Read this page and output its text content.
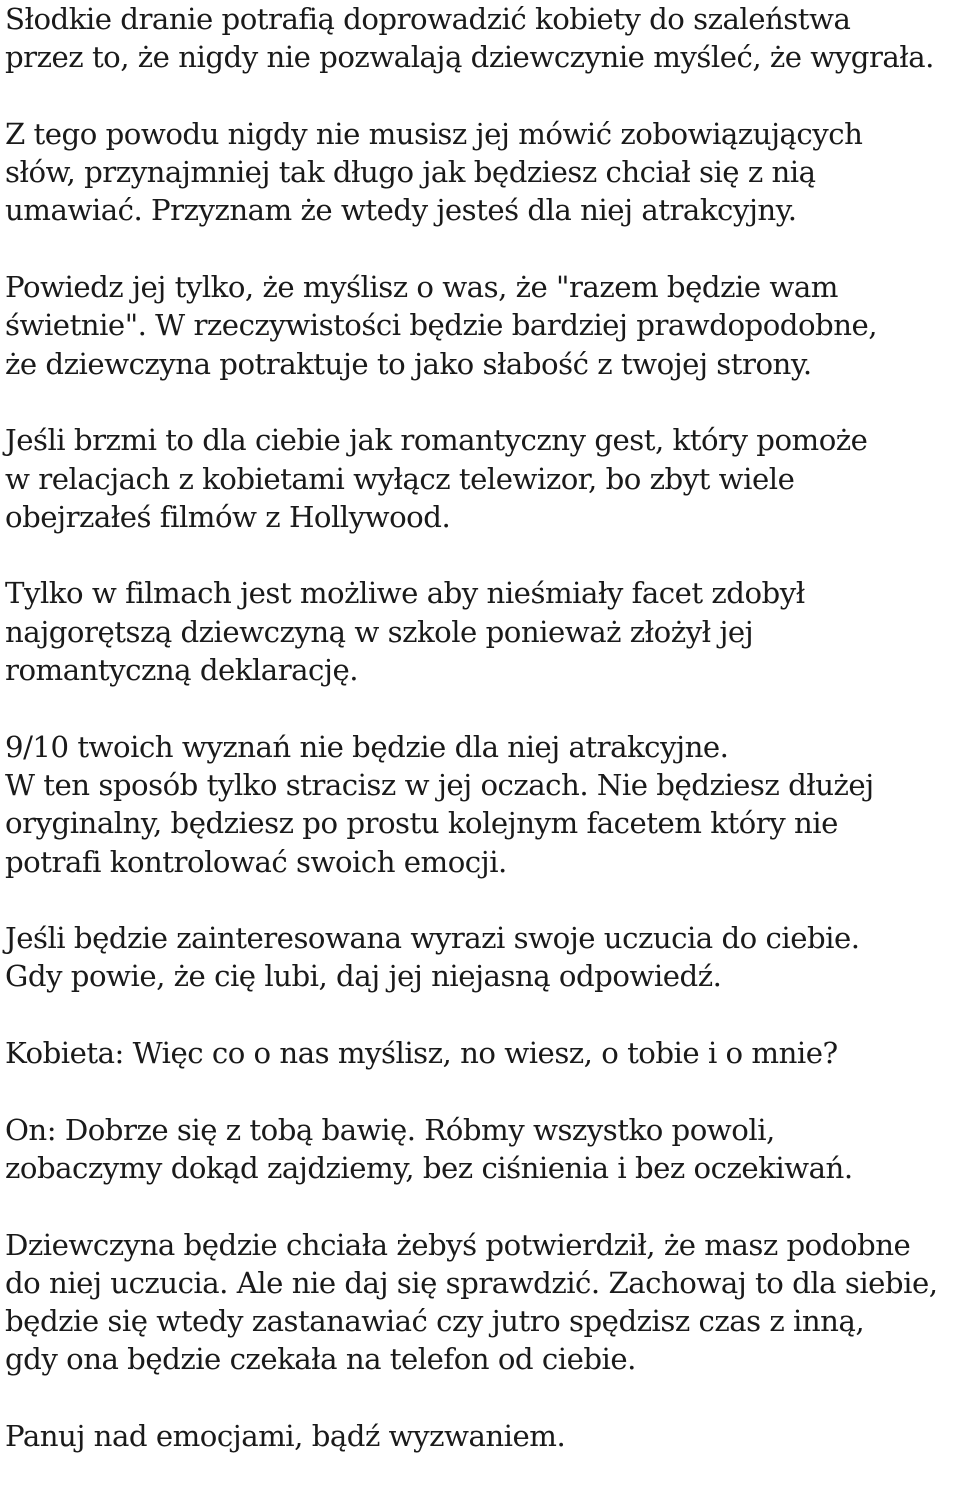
Słodkie dranie potrafią doprowadzić kobiety do szaleństwa
przez to, że nigdy nie pozwalają dziewczynie myśleć, że wygrała.

Z tego powodu nigdy nie musisz jej mówić zobowiązujących
słów, przynajmniej tak długo jak będziesz chciał się z nią
umawiać. Przyznam że wtedy jesteś dla niej atrakcyjny.

Powiedz jej tylko, że myślisz o was, że "razem będzie wam
świetnie". W rzeczywistości będzie bardziej prawdopodobne,
że dziewczyna potraktuje to jako słabość z twojej strony.

Jeśli brzmi to dla ciebie jak romantyczny gest, który pomoże
w relacjach z kobietami wyłącz telewizor, bo zbyt wiele
obejrzałeś filmów z Hollywood.

Tylko w filmach jest możliwe aby nieśmiały facet zdobył
najgorętszą dziewczyną w szkole ponieważ złożył jej
romantyczną deklarację.

9/10 twoich wyznań nie będzie dla niej atrakcyjne.
W ten sposób tylko stracisz w jej oczach. Nie będziesz dłużej
oryginalny, będziesz po prostu kolejnym facetem który nie
potrafi kontrolować swoich emocji.

Jeśli będzie zainteresowana wyrazi swoje uczucia do ciebie.
Gdy powie, że cię lubi, daj jej niejasną odpowiedź.

Kobieta: Więc co o nas myślisz, no wiesz, o tobie i o mnie?

On: Dobrze się z tobą bawię. Róbmy wszystko powoli,
zobaczymy dokąd zajdziemy, bez ciśnienia i bez oczekiwań.

Dziewczyna będzie chciała żebyś potwierdził, że masz podobne
do niej uczucia. Ale nie daj się sprawdzić. Zachowaj to dla siebie,
będzie się wtedy zastanawiać czy jutro spędzisz czas z inną,
gdy ona będzie czekała na telefon od ciebie.

Panuj nad emocjami, bądź wyzwaniem.
